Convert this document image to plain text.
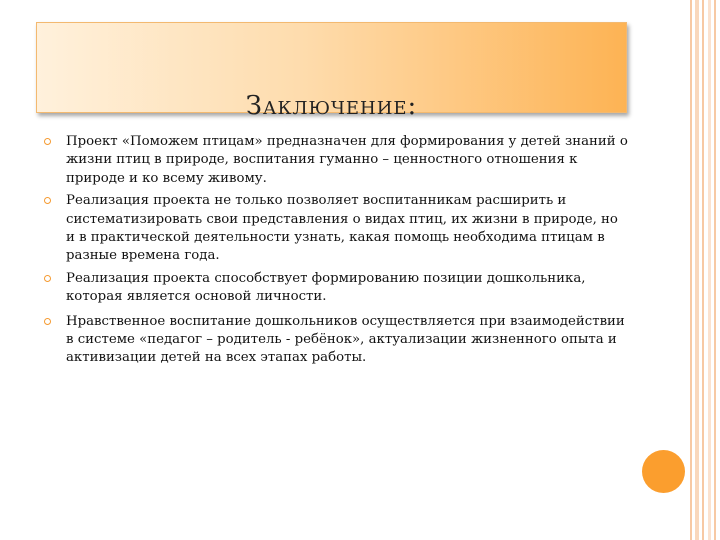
Заключение:
Проект «Поможем птицам» предназначен для формирования у детей знаний о жизни птиц в природе, воспитания гуманно – ценностного отношения к природе и ко всему живому.
Реализация проекта не только позволяет воспитанникам расширить и систематизировать свои представления о видах птиц, их жизни в природе, но и в практической деятельности узнать, какая помощь необходима птицам в разные времена года.
Реализация проекта способствует формированию позиции дошкольника, которая является основой личности.
Нравственное воспитание дошкольников осуществляется при взаимодействии в системе «педагог – родитель - ребёнок», актуализации жизненного опыта и активизации детей на всех этапах работы.
